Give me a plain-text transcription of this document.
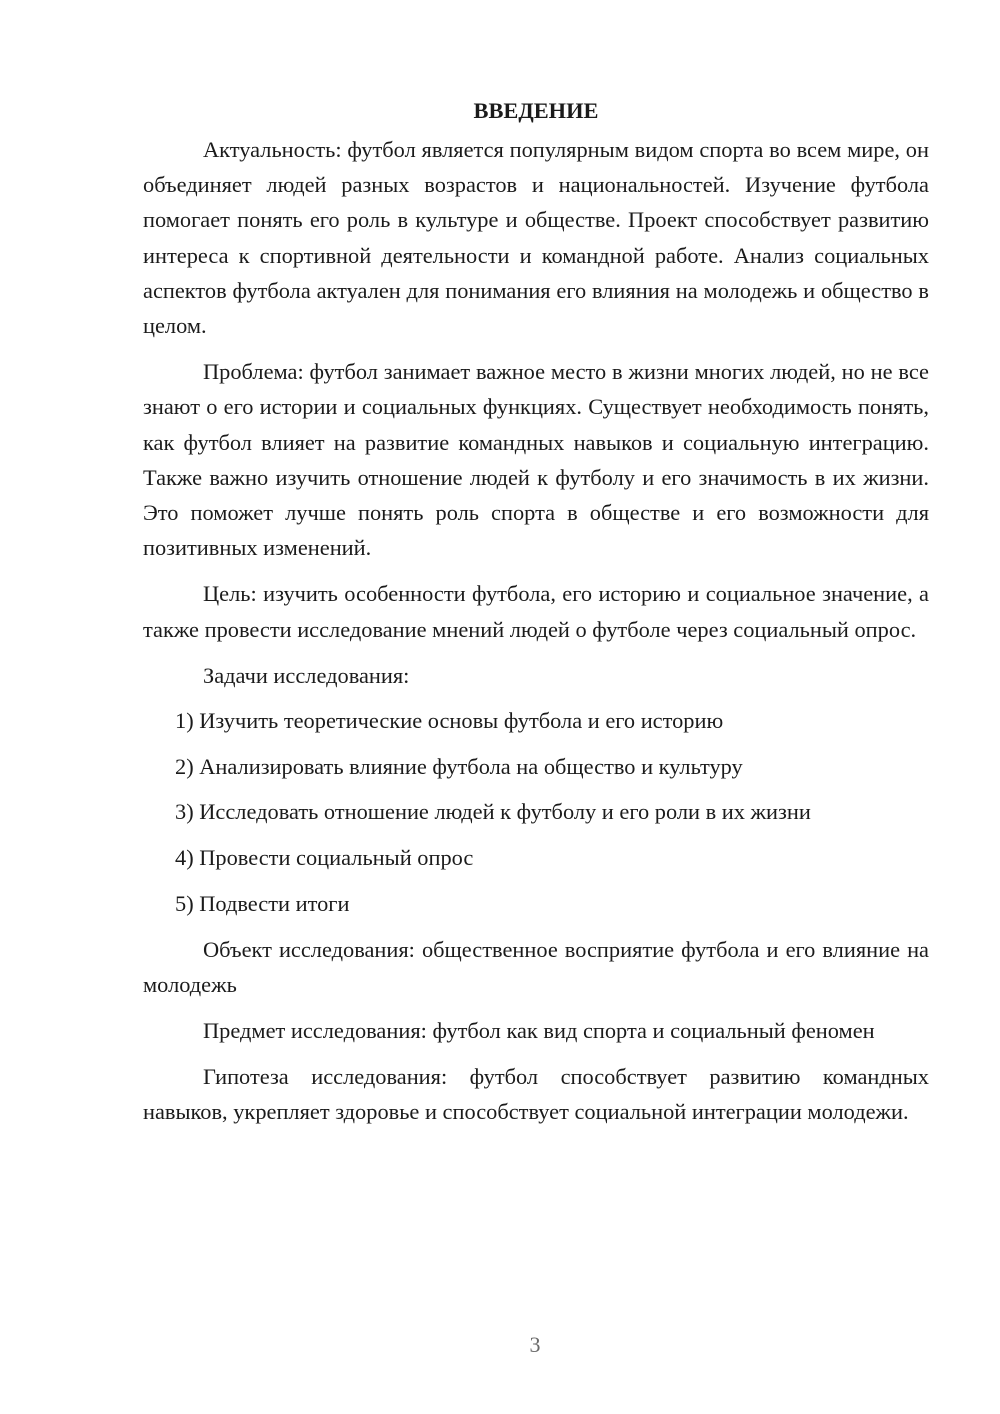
ВВЕДЕНИЕ

Актуальность: футбол является популярным видом спорта во всем мире, он объединяет людей разных возрастов и национальностей. Изучение футбола помогает понять его роль в культуре и обществе. Проект способствует развитию интереса к спортивной деятельности и командной работе. Анализ социальных аспектов футбола актуален для понимания его влияния на молодежь и общество в целом.

Проблема: футбол занимает важное место в жизни многих людей, но не все знают о его истории и социальных функциях. Существует необходимость понять, как футбол влияет на развитие командных навыков и социальную интеграцию. Также важно изучить отношение людей к футболу и его значимость в их жизни. Это поможет лучше понять роль спорта в обществе и его возможности для позитивных изменений.

Цель: изучить особенности футбола, его историю и социальное значение, а также провести исследование мнений людей о футболе через социальный опрос.

Задачи исследования:
1) Изучить теоретические основы футбола и его историю
2) Анализировать влияние футбола на общество и культуру
3) Исследовать отношение людей к футболу и его роли в их жизни
4) Провести социальный опрос
5) Подвести итоги

Объект исследования: общественное восприятие футбола и его влияние на молодежь

Предмет исследования: футбол как вид спорта и социальный феномен

Гипотеза исследования: футбол способствует развитию командных навыков, укрепляет здоровье и способствует социальной интеграции молодежи.

3
